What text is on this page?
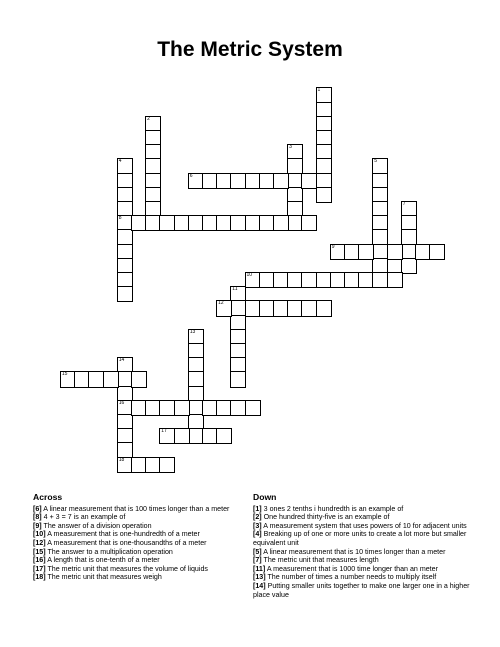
The Metric System
1
2
3
4
8
5
6
7
9
10
11
12
13
14
16
18
15
17
Across

[6] A linear measurement that is 100 times longer than a meter

[8] 4 + 3 = 7 is an example of

[9] The answer of a division operation

[10] A measurement that is one-hundredth of a meter

[12] A measurement that is one-thousandths of a meter

[15] The answer to a multiplication operation

[16] A length that is one-tenth of a meter

[17] The metric unit that measures the volume of liquids

[18] The metric unit that measures weigh

Down

[1] 3 ones 2 tenths i hundredth is an example of

[2] One hundred thirty-five is an example of

[3] A measurement system that uses powers of 10 for adjacent units

[4] Breaking up of one or more units to create a lot more but smaller equivalent unit

[5] A linear measurement that is 10 times longer than a meter

[7] The metric unit that measures length

[11] A measurement that is 1000 time longer than an meter

[13] The number of times a number needs to multiply itself

[14] Putting smaller units together to make one larger one in a higher place value
